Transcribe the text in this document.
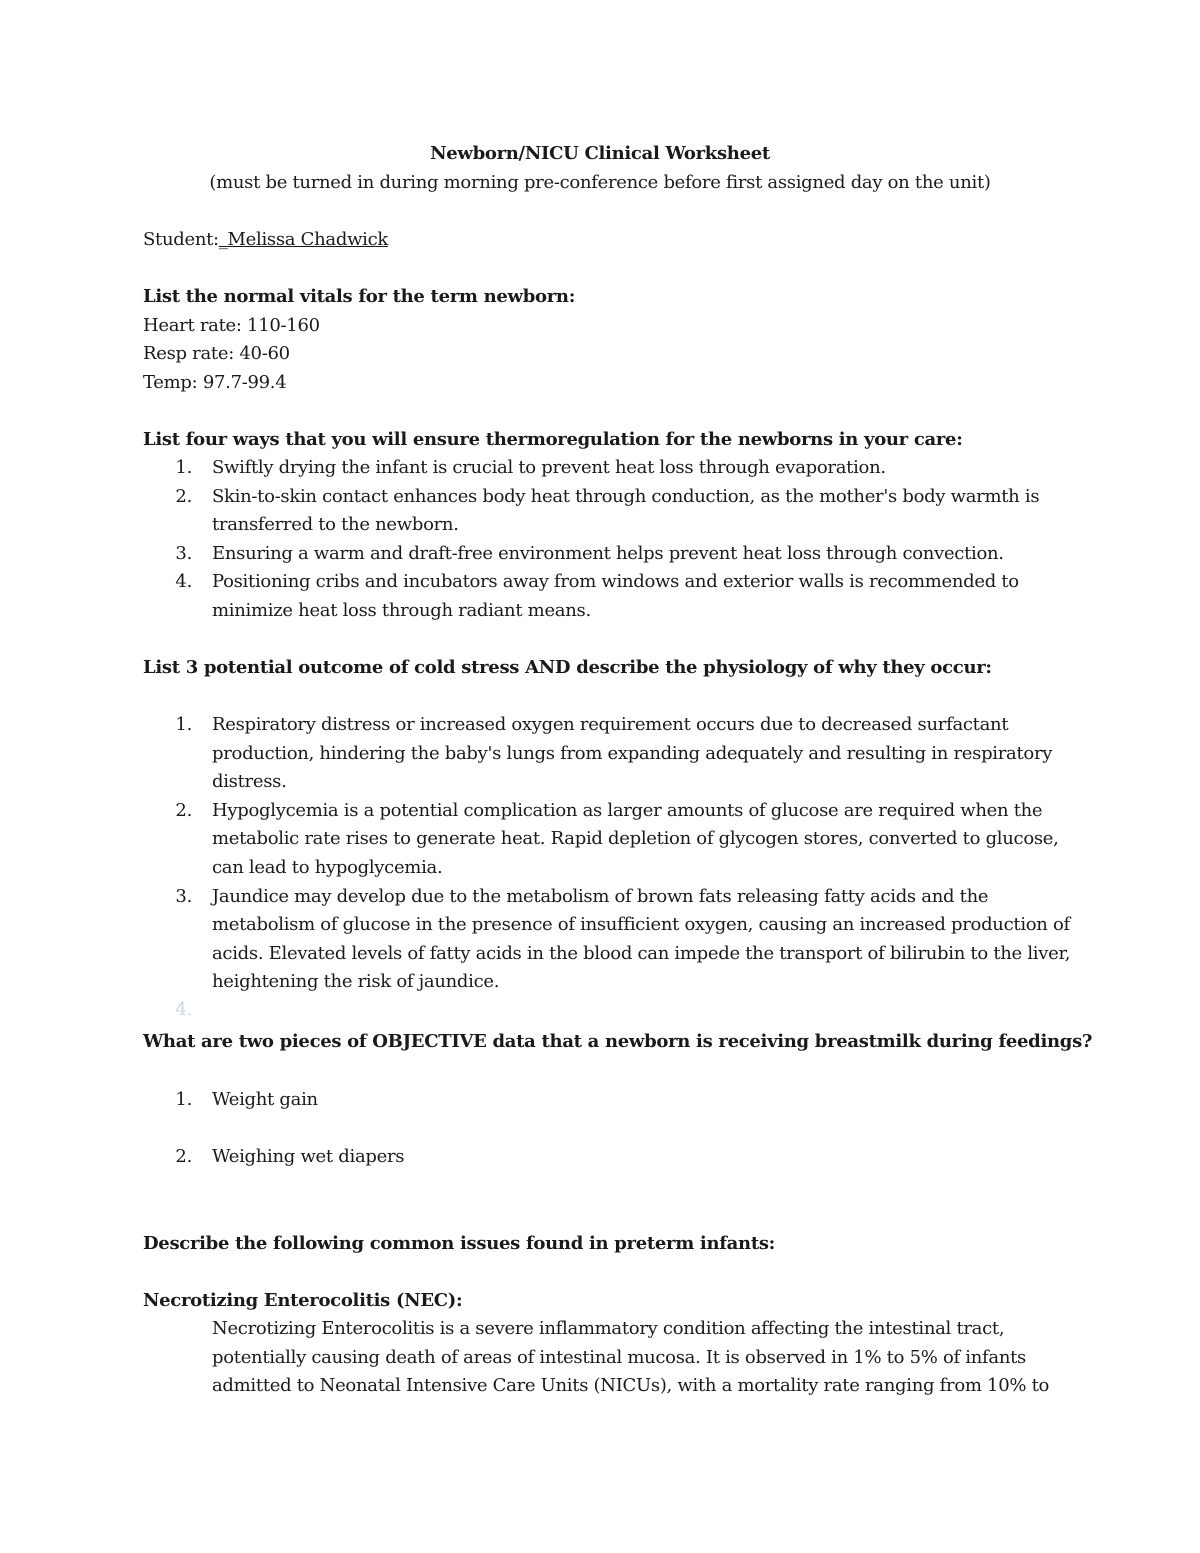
Newborn/NICU Clinical Worksheet
(must be turned in during morning pre-conference before first assigned day on the unit)
Student:_Melissa Chadwick
List the normal vitals for the term newborn:
Heart rate: 110-160
Resp rate: 40-60
Temp: 97.7-99.4
List four ways that you will ensure thermoregulation for the newborns in your care:
1. Swiftly drying the infant is crucial to prevent heat loss through evaporation.
2. Skin-to-skin contact enhances body heat through conduction, as the mother's body warmth is
transferred to the newborn.
3. Ensuring a warm and draft-free environment helps prevent heat loss through convection.
4. Positioning cribs and incubators away from windows and exterior walls is recommended to
minimize heat loss through radiant means.
List 3 potential outcome of cold stress AND describe the physiology of why they occur:
1. Respiratory distress or increased oxygen requirement occurs due to decreased surfactant
production, hindering the baby's lungs from expanding adequately and resulting in respiratory
distress.
2. Hypoglycemia is a potential complication as larger amounts of glucose are required when the
metabolic rate rises to generate heat. Rapid depletion of glycogen stores, converted to glucose,
can lead to hypoglycemia.
3. Jaundice may develop due to the metabolism of brown fats releasing fatty acids and the
metabolism of glucose in the presence of insufficient oxygen, causing an increased production of
acids. Elevated levels of fatty acids in the blood can impede the transport of bilirubin to the liver,
heightening the risk of jaundice.
4.
What are two pieces of OBJECTIVE data that a newborn is receiving breastmilk during feedings?
1. Weight gain
2. Weighing wet diapers
Describe the following common issues found in preterm infants:
Necrotizing Enterocolitis (NEC):
Necrotizing Enterocolitis is a severe inflammatory condition affecting the intestinal tract,
potentially causing death of areas of intestinal mucosa. It is observed in 1% to 5% of infants
admitted to Neonatal Intensive Care Units (NICUs), with a mortality rate ranging from 10% to
